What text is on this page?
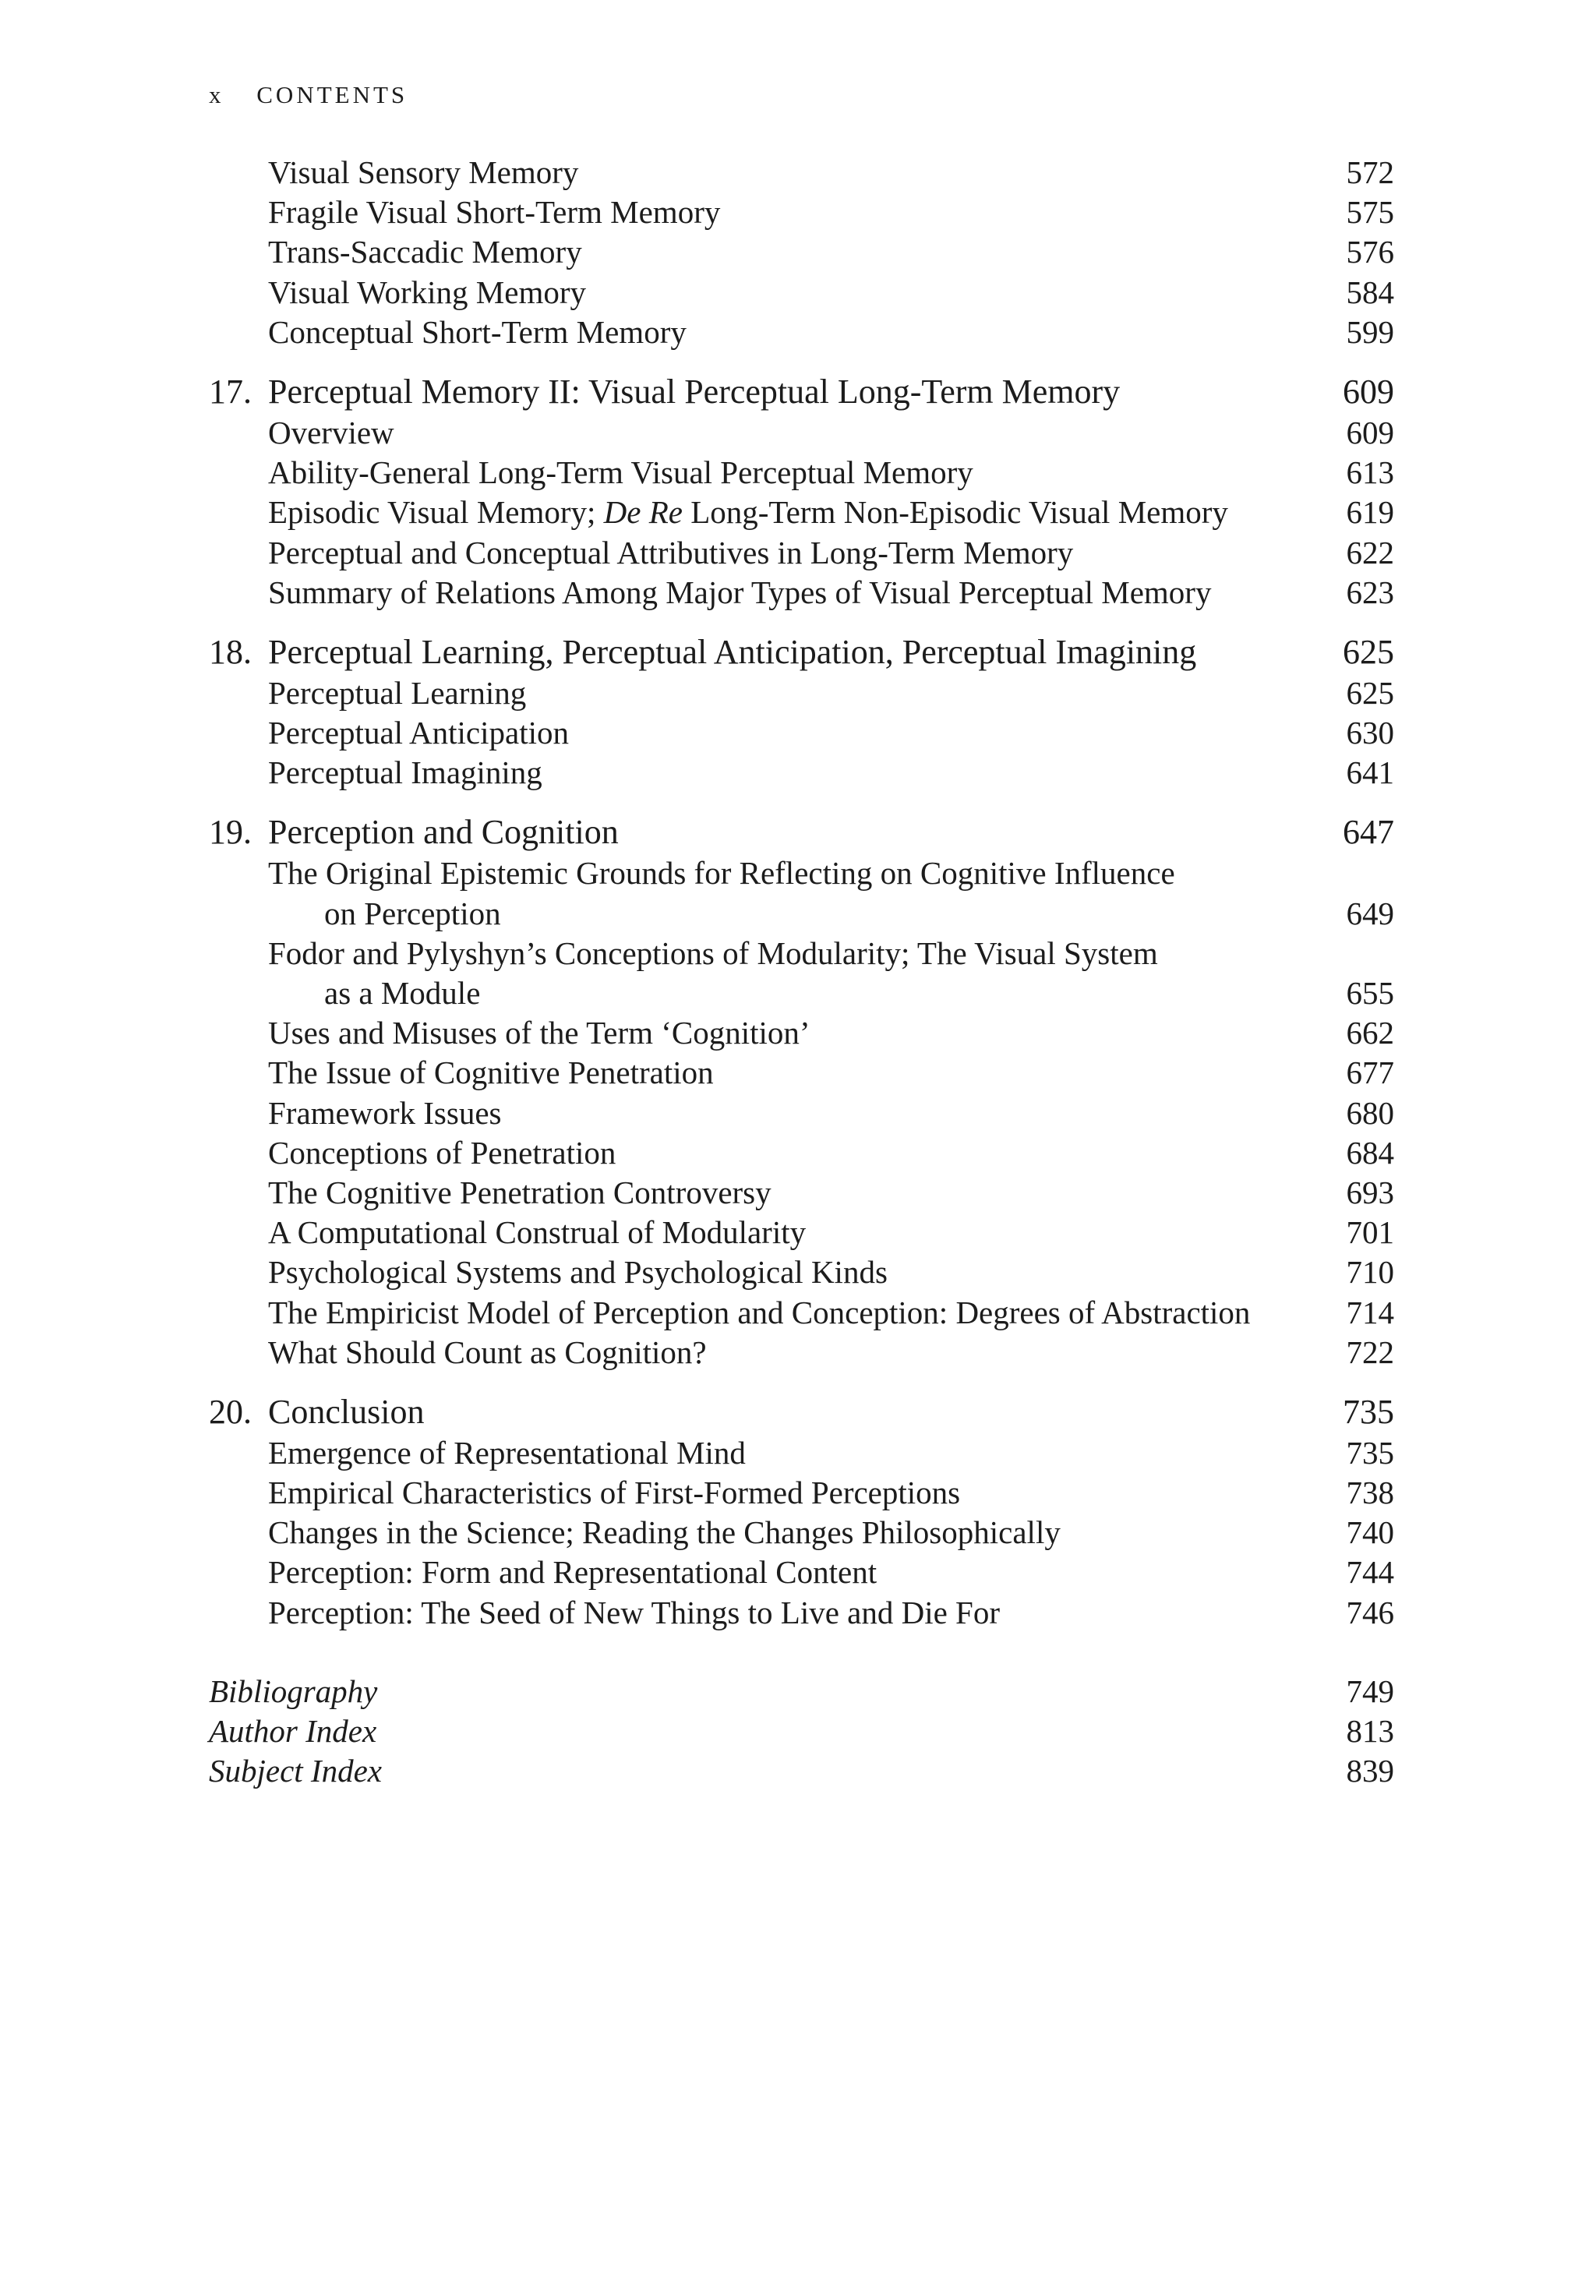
x CONTENTS
Visual Sensory Memory	572
Fragile Visual Short-Term Memory	575
Trans-Saccadic Memory	576
Visual Working Memory	584
Conceptual Short-Term Memory	599
17. Perceptual Memory II: Visual Perceptual Long-Term Memory	609
Overview	609
Ability-General Long-Term Visual Perceptual Memory	613
Episodic Visual Memory; De Re Long-Term Non-Episodic Visual Memory	619
Perceptual and Conceptual Attributives in Long-Term Memory	622
Summary of Relations Among Major Types of Visual Perceptual Memory	623
18. Perceptual Learning, Perceptual Anticipation, Perceptual Imagining	625
Perceptual Learning	625
Perceptual Anticipation	630
Perceptual Imagining	641
19. Perception and Cognition	647
The Original Epistemic Grounds for Reflecting on Cognitive Influence
on Perception	649
Fodor and Pylyshyn’s Conceptions of Modularity; The Visual System
as a Module	655
Uses and Misuses of the Term ‘Cognition’	662
The Issue of Cognitive Penetration	677
Framework Issues	680
Conceptions of Penetration	684
The Cognitive Penetration Controversy	693
A Computational Construal of Modularity	701
Psychological Systems and Psychological Kinds	710
The Empiricist Model of Perception and Conception: Degrees of Abstraction	714
What Should Count as Cognition?	722
20. Conclusion	735
Emergence of Representational Mind	735
Empirical Characteristics of First-Formed Perceptions	738
Changes in the Science; Reading the Changes Philosophically	740
Perception: Form and Representational Content	744
Perception: The Seed of New Things to Live and Die For	746
Bibliography	749
Author Index	813
Subject Index	839
